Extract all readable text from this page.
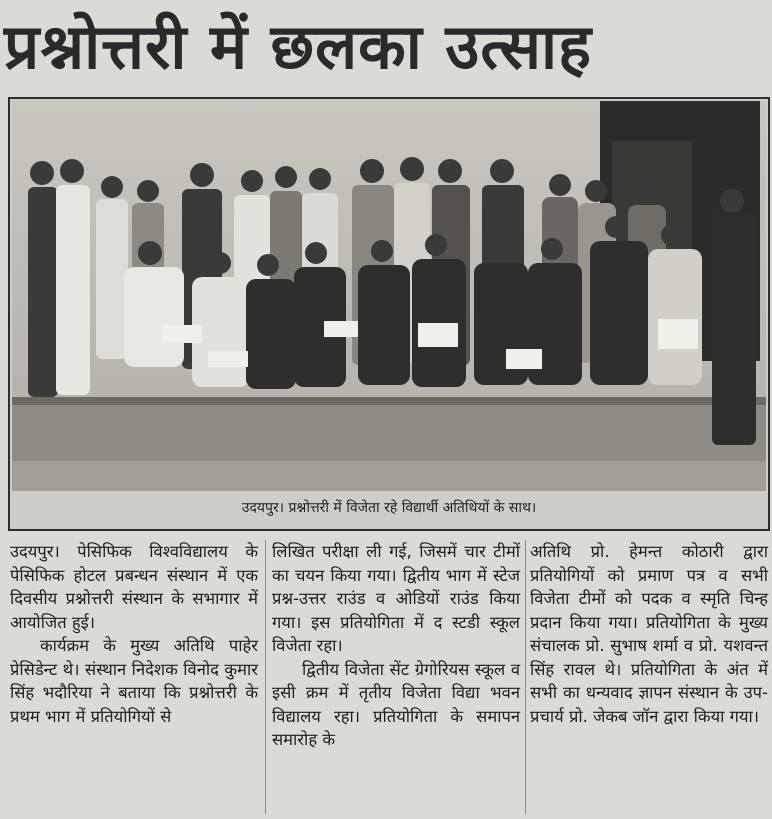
प्रश्नोत्तरी में छलका उत्साह
उदयपुर। प्रश्नोत्तरी में विजेता रहे विद्यार्थी अतिथियों के साथ।

उदयपुर। पेसिफिक विश्वविद्यालय के पेसिफिक होटल प्रबन्धन संस्थान में एक दिवसीय प्रश्नोत्तरी संस्थान के सभागार में आयोजित हुई।

कार्यक्रम के मुख्य अतिथि पाहेर प्रेसिडेन्ट थे। संस्थान निदेशक विनोद कुमार सिंह भदौरिया ने बताया कि प्रश्नोत्तरी के प्रथम भाग में प्रतियोगियों से

लिखित परीक्षा ली गई, जिसमें चार टीमों का चयन किया गया। द्वितीय भाग में स्टेज प्रश्न-उत्तर राउंड व ओडियों राउंड किया गया। इस प्रतियोगिता में द स्टडी स्कूल विजेता रहा।

द्वितीय विजेता सेंट ग्रेगोरियस स्कूल व इसी क्रम में तृतीय विजेता विद्या भवन विद्यालय रहा। प्रतियोगिता के समापन समारोह के

अतिथि प्रो. हेमन्त कोठारी द्वारा प्रतियोगियों को प्रमाण पत्र व सभी विजेता टीमों को पदक व स्मृति चिन्ह प्रदान किया गया। प्रतियोगिता के मुख्य संचालक प्रो. सुभाष शर्मा व प्रो. यशवन्त सिंह रावल थे। प्रतियोगिता के अंत में सभी का धन्यवाद ज्ञापन संस्थान के उप-प्रचार्य प्रो. जेकब जॉन द्वारा किया गया।
